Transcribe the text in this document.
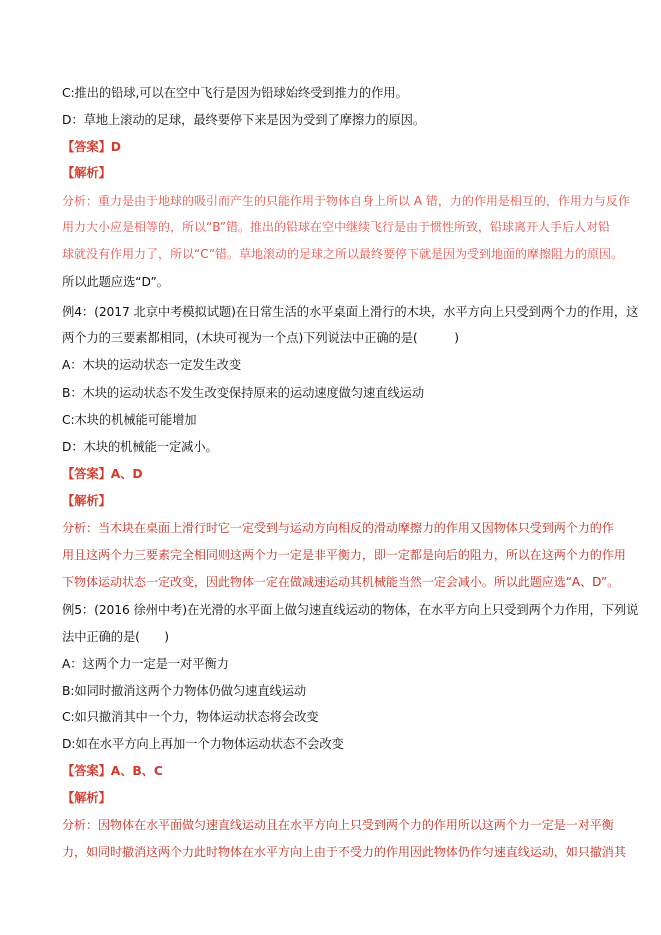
C:推出的铅球,可以在空中飞行是因为铅球始终受到推力的作用。
D：草地上滚动的足球，最终要停下来是因为受到了摩擦力的原因。
【答案】D
【解析】
分析：重力是由于地球的吸引而产生的只能作用于物体自身上所以 A 错，力的作用是相互的，作用力与反作
用力大小应是相等的，所以“B”错。推出的铅球在空中继续飞行是由于惯性所致，铅球离开人手后人对铅
球就没有作用力了，所以“C”错。草地滚动的足球之所以最终要停下就是因为受到地面的摩擦阻力的原因。
所以此题应选“D”。
例4：(2017 北京中考模拟试题)在日常生活的水平桌面上滑行的木块，水平方向上只受到两个力的作用，这
两个力的三要素都相同，(木块可视为一个点)下列说法中正确的是(　　　)
A：木块的运动状态一定发生改变
B：木块的运动状态不发生改变保持原来的运动速度做匀速直线运动
C:木块的机械能可能增加
D：木块的机械能一定减小。
【答案】A、D
【解析】
分析：当木块在桌面上滑行时它一定受到与运动方向相反的滑动摩擦力的作用又因物体只受到两个力的作
用且这两个力三要素完全相同则这两个力一定是非平衡力，即一定都是向后的阻力，所以在这两个力的作用
下物体运动状态一定改变，因此物体一定在做减速运动其机械能当然一定会减小。所以此题应选“A、D”。
例5：(2016 徐州中考)在光滑的水平面上做匀速直线运动的物体，在水平方向上只受到两个力作用，下列说
法中正确的是(　　)
A：这两个力一定是一对平衡力
B:如同时撤消这两个力物体仍做匀速直线运动
C:如只撤消其中一个力，物体运动状态将会改变
D:如在水平方向上再加一个力物体运动状态不会改变
【答案】A、B、C
【解析】
分析：因物体在水平面做匀速直线运动且在水平方向上只受到两个力的作用所以这两个力一定是一对平衡
力，如同时撤消这两个力此时物体在水平方向上由于不受力的作用因此物体仍作匀速直线运动，如只撤消其
